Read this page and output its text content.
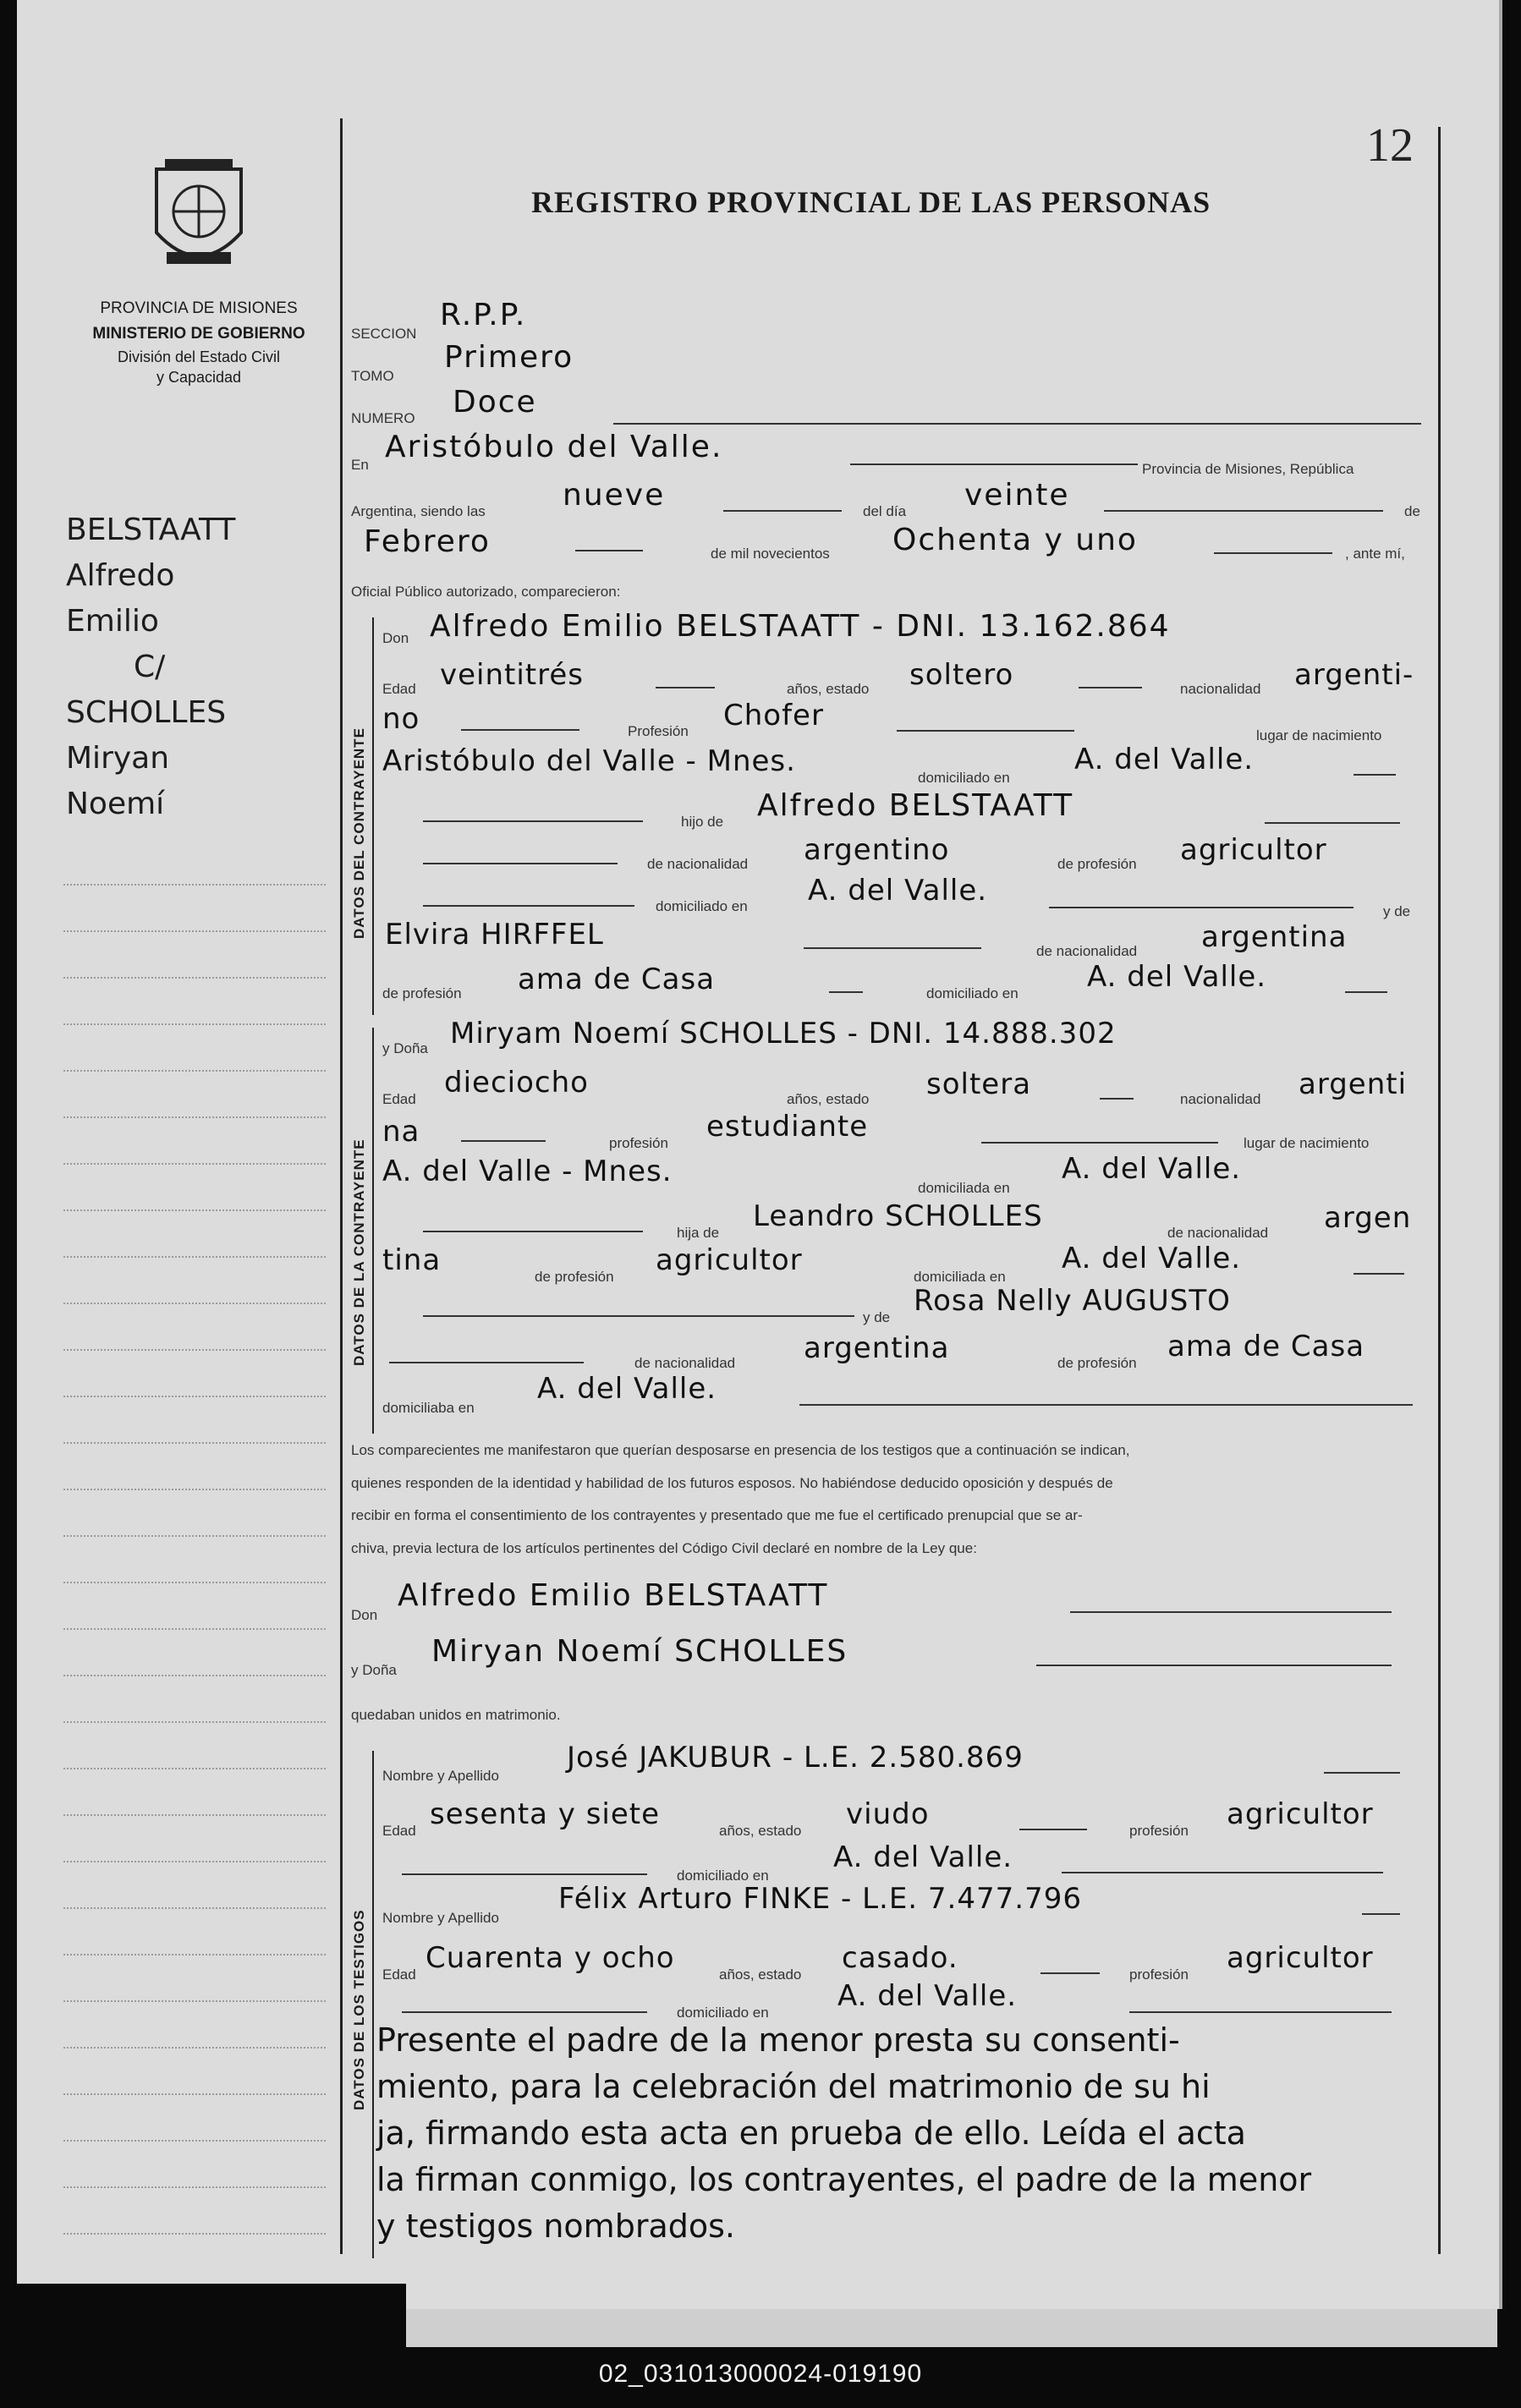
12
REGISTRO PROVINCIAL DE LAS PERSONAS
PROVINCIA DE MISIONES
MINISTERIO DE GOBIERNO
División del Estado Civil
y Capacidad
BELSTAATT
Alfredo
Emilio
C/
SCHOLLES
Miryan
Noemí
SECCION
R.P.P.
TOMO
Primero
NUMERO Doce
En
Aristóbulo del Valle.
Provincia de Misiones, República
Argentina, siendo las	nueve	del día veinte	de
Febrero	de mil novecientos Ochenta y uno	, ante mí,
Oficial Público autorizado, comparecieron:
DATOS DEL CONTRAYENTE
Don Alfredo Emilio BELSTAATT - DNI. 13.162.864
Edad veintitrés	años, estado soltero	nacionalidad argenti-
no	Profesión Chofer
lugar de nacimiento
Aristóbulo del Valle - Mnes.	domiciliado en
A. del Valle.
hijo de Alfredo BELSTAATT
de nacionalidad argentino	de profesión agricultor
domiciliado en A. del Valle.
y de
Elvira HIRFFEL	de nacionalidad argentina
de profesión ama de Casa	domiciliado en A. del Valle.
DATOS DE LA CONTRAYENTE
y Doña Miryam Noemí SCHOLLES - DNI. 14.888.302
Edad dieciocho	años, estado soltera	nacionalidad argenti
na	profesión estudiante	lugar de nacimiento
A. del Valle - Mnes.	domiciliada en
A. del Valle.
hija de Leandro SCHOLLES	de nacionalidad argen
tina	de profesión agricultor	domiciliada en
A. del Valle.
y de Rosa Nelly AUGUSTO
de nacionalidad argentina	de profesión ama de Casa
domiciliaba en
A. del Valle.
Los comparecientes me manifestaron que querían desposarse en presencia de los testigos que a continuación se indican,
quienes responden de la identidad y habilidad de los futuros esposos. No habiéndose deducido oposición y después de
recibir en forma el consentimiento de los contrayentes y presentado que me fue el certificado prenupcial que se ar-
chiva, previa lectura de los artículos pertinentes del Código Civil declaré en nombre de la Ley que:
Don
Alfredo Emilio BELSTAATT
y Doña
Miryan Noemí SCHOLLES
quedaban unidos en matrimonio.
DATOS DE LOS TESTIGOS
Nombre y Apellido
José JAKUBUR - L.E. 2.580.869
Edad sesenta y siete	años, estado viudo	profesión agricultor
domiciliado en
A. del Valle.
Nombre y Apellido
Félix Arturo FINKE - L.E. 7.477.796
Edad Cuarenta y ocho	años, estado casado.	profesión agricultor
domiciliado en A. del Valle.
Presente el padre de la menor presta su consenti-
miento, para la celebración del matrimonio de su hi
ja, firmando esta acta en prueba de ello. Leída el acta
la firman conmigo, los contrayentes, el padre de la menor
y testigos nombrados.
02_031013000024-019190
